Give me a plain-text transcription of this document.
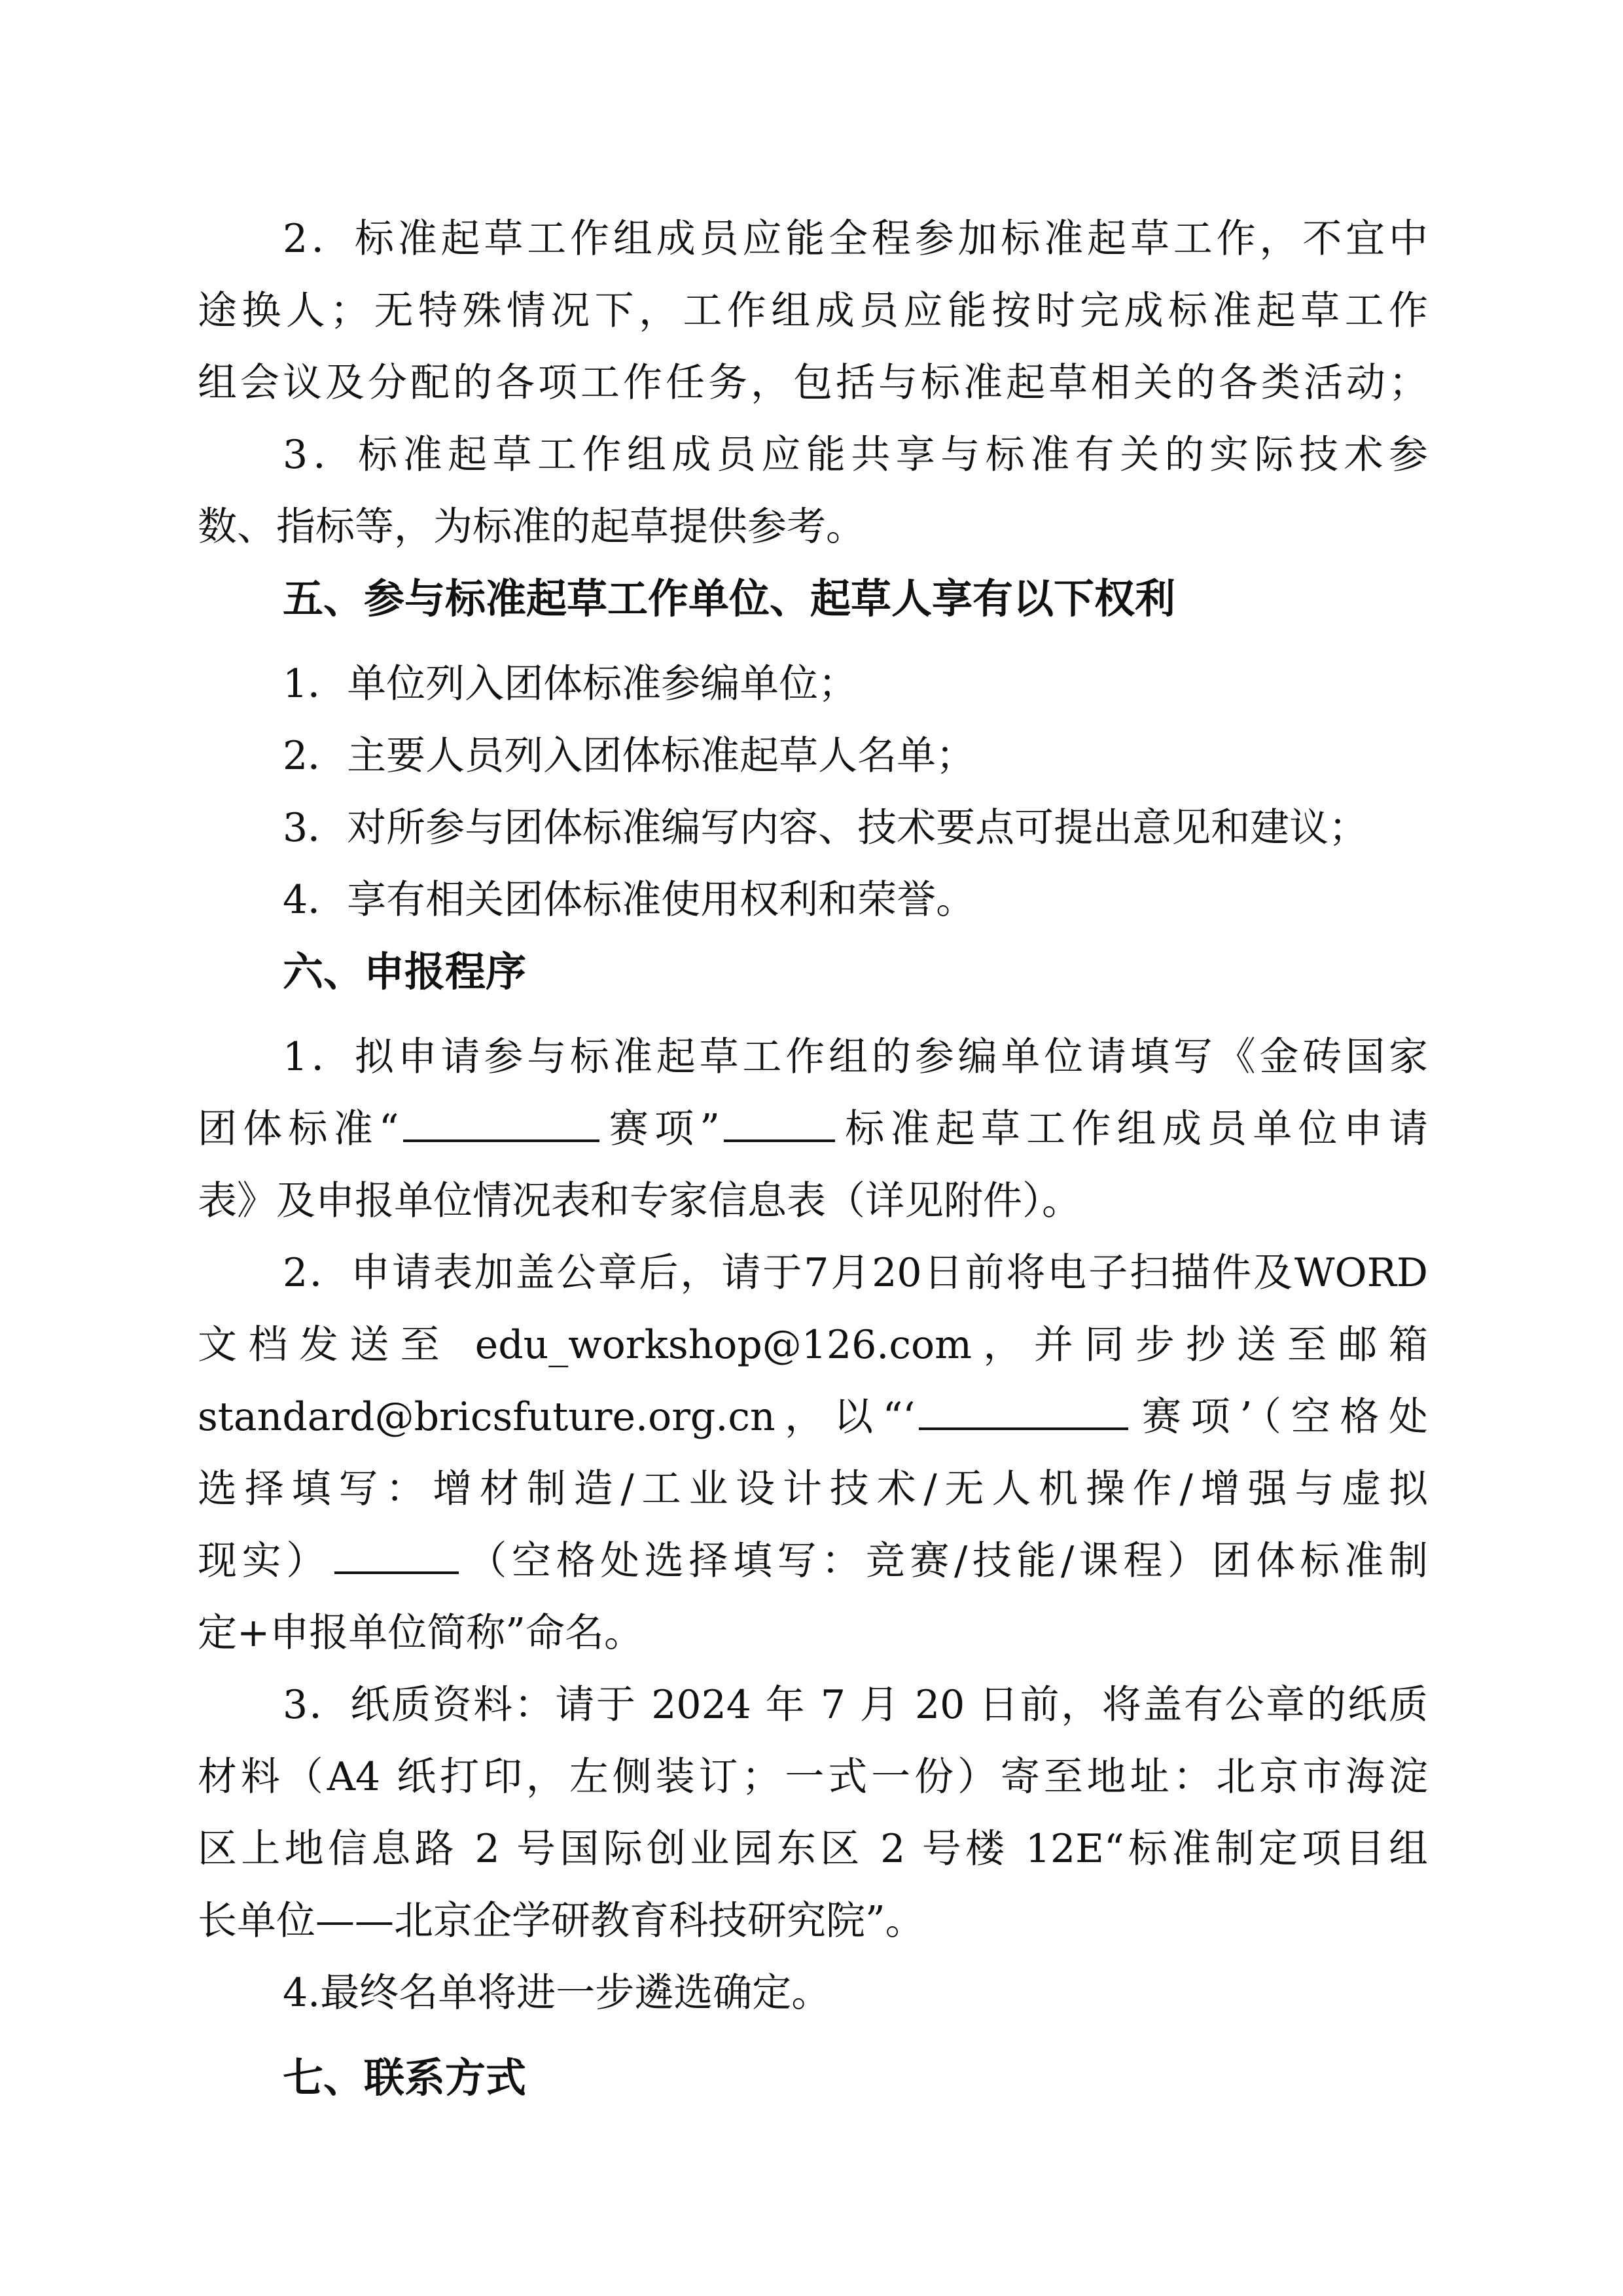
2．标准起草工作组成员应能全程参加标准起草工作，不宜中
途换人；无特殊情况下，工作组成员应能按时完成标准起草工作
组会议及分配的各项工作任务，包括与标准起草相关的各类活动；
3．标准起草工作组成员应能共享与标准有关的实际技术参
数、指标等，为标准的起草提供参考。
五、参与标准起草工作单位、起草人享有以下权利
1．单位列入团体标准参编单位；
2．主要人员列入团体标准起草人名单；
3．对所参与团体标准编写内容、技术要点可提出意见和建议；
4．享有相关团体标准使用权利和荣誉。
六、申报程序
1．拟申请参与标准起草工作组的参编单位请填写《金砖国家
团体标准“	赛项”	标准起草工作组成员单位申请
表》及申报单位情况表和专家信息表（详见附件）。
2．申请表加盖公章后，请于7月20日前将电子扫描件及WORD
文档发送至 edu_workshop@126.com，并同步抄送至邮箱
standard@bricsfuture.org.cn，以“‘	赛项’（空格处
选择填写：增材制造/工业设计技术/无人机操作/增强与虚拟
现实）	（空格处选择填写：竞赛/技能/课程）团体标准制
定+申报单位简称”命名。
3．纸质资料：请于 2024 年 7 月 20 日前，将盖有公章的纸质
材料（A4 纸打印，左侧装订；一式一份）寄至地址：北京市海淀
区上地信息路 2 号国际创业园东区 2 号楼 12E“标准制定项目组
长单位——北京企学研教育科技研究院”。
4.最终名单将进一步遴选确定。
七、联系方式
